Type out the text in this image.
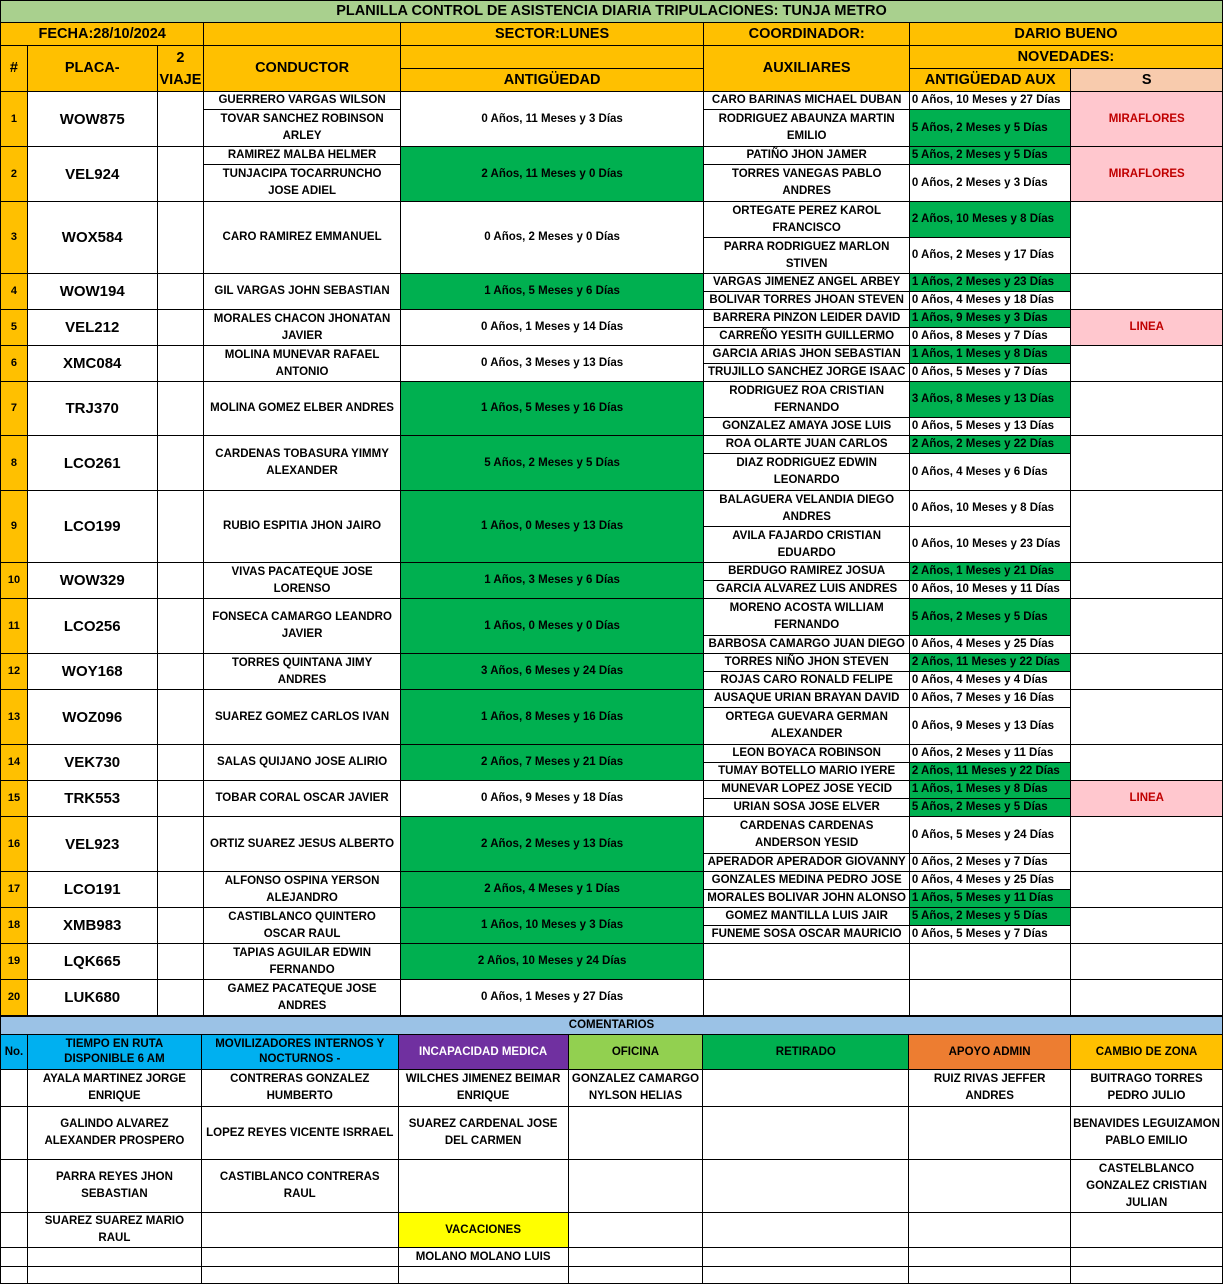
PLANILLA CONTROL DE ASISTENCIA DIARIA TRIPULACIONES: TUNJA METRO							
FECHA:28/10/2024				SECTOR:LUNES	COORDINADOR:	DARIO BUENO	
#	PLACA-	2 VIAJE	CONDUCTOR		AUXILIARES	NOVEDADES:	
				ANTIGÜEDAD		ANTIGÜEDAD AUX	S
1	WOW875		GUERRERO VARGAS WILSON	0 Años, 11 Meses y 3 Días	CARO BARINAS MICHAEL DUBAN	0 Años, 10 Meses y 27 Días	MIRAFLORES
			TOVAR SANCHEZ ROBINSON ARLEY		RODRIGUEZ ABAUNZA MARTIN EMILIO	5 Años, 2 Meses y 5 Días	
2	VEL924		RAMIREZ MALBA HELMER	2 Años, 11 Meses y 0 Días	PATIÑO JHON JAMER	5 Años, 2 Meses y 5 Días	MIRAFLORES
			TUNJACIPA TOCARRUNCHO JOSE ADIEL		TORRES VANEGAS PABLO ANDRES	0 Años, 2 Meses y 3 Días	
3	WOX584		CARO RAMIREZ EMMANUEL	0 Años, 2 Meses y 0 Días	ORTEGATE PEREZ KAROL FRANCISCO	2 Años, 10 Meses y 8 Días	
					PARRA RODRIGUEZ MARLON STIVEN	0 Años, 2 Meses y 17 Días	
4	WOW194		GIL VARGAS JOHN SEBASTIAN	1 Años, 5 Meses y 6 Días	VARGAS JIMENEZ ANGEL ARBEY	1 Años, 2 Meses y 23 Días	
					BOLIVAR TORRES JHOAN STEVEN	0 Años, 4 Meses y 18 Días	
5	VEL212		MORALES CHACON JHONATAN JAVIER	0 Años, 1 Meses y 14 Días	BARRERA PINZON LEIDER DAVID	1 Años, 9 Meses y 3 Días	LINEA
					CARREÑO YESITH GUILLERMO	0 Años, 8 Meses y 7 Días	
6	XMC084		MOLINA MUNEVAR RAFAEL ANTONIO	0 Años, 3 Meses y 13 Días	GARCIA ARIAS JHON SEBASTIAN	1 Años, 1 Meses y 8 Días	
					TRUJILLO SANCHEZ JORGE ISAAC	0 Años, 5 Meses y 7 Días	
7	TRJ370		MOLINA GOMEZ ELBER ANDRES	1 Años, 5 Meses y 16 Días	RODRIGUEZ ROA CRISTIAN FERNANDO	3 Años, 8 Meses y 13 Días	
					GONZALEZ AMAYA JOSE LUIS	0 Años, 5 Meses y 13 Días	
8	LCO261		CARDENAS TOBASURA YIMMY ALEXANDER	5 Años, 2 Meses y 5 Días	ROA OLARTE JUAN CARLOS	2 Años, 2 Meses y 22 Días	
					DIAZ RODRIGUEZ EDWIN LEONARDO	0 Años, 4 Meses y 6 Días	
9	LCO199		RUBIO ESPITIA JHON JAIRO	1 Años, 0 Meses y 13 Días	BALAGUERA VELANDIA DIEGO ANDRES	0 Años, 10 Meses y 8 Días	
					AVILA FAJARDO CRISTIAN EDUARDO	0 Años, 10 Meses y 23 Días	
10	WOW329		VIVAS PACATEQUE JOSE LORENSO	1 Años, 3 Meses y 6 Días	BERDUGO RAMIREZ JOSUA	2 Años, 1 Meses y 21 Días	
					GARCIA ALVAREZ LUIS ANDRES	0 Años, 10 Meses y 11 Días	
11	LCO256		FONSECA CAMARGO LEANDRO JAVIER	1 Años, 0 Meses y 0 Días	MORENO ACOSTA WILLIAM FERNANDO	5 Años, 2 Meses y 5 Días	
					BARBOSA CAMARGO JUAN DIEGO	0 Años, 4 Meses y 25 Días	
12	WOY168		TORRES QUINTANA JIMY ANDRES	3 Años, 6 Meses y 24 Días	TORRES NIÑO JHON STEVEN	2 Años, 11 Meses y 22 Días	
					ROJAS CARO RONALD FELIPE	0 Años, 4 Meses y 4 Días	
13	WOZ096		SUAREZ GOMEZ CARLOS IVAN	1 Años, 8 Meses y 16 Días	AUSAQUE URIAN BRAYAN DAVID	0 Años, 7 Meses y 16 Días	
					ORTEGA GUEVARA GERMAN ALEXANDER	0 Años, 9 Meses y 13 Días	
14	VEK730		SALAS QUIJANO JOSE ALIRIO	2 Años, 7 Meses y 21 Días	LEON BOYACA ROBINSON	0 Años, 2 Meses y 11 Días	
					TUMAY BOTELLO MARIO IYERE	2 Años, 11 Meses y 22 Días	
15	TRK553		TOBAR CORAL OSCAR JAVIER	0 Años, 9 Meses y 18 Días	MUNEVAR LOPEZ JOSE YECID	1 Años, 1 Meses y 8 Días	LINEA
					URIAN SOSA JOSE ELVER	5 Años, 2 Meses y 5 Días	
16	VEL923		ORTIZ SUAREZ JESUS ALBERTO	2 Años, 2 Meses y 13 Días	CARDENAS CARDENAS ANDERSON YESID	0 Años, 5 Meses y 24 Días	
					APERADOR APERADOR GIOVANNY	0 Años, 2 Meses y 7 Días	
17	LCO191		ALFONSO OSPINA YERSON ALEJANDRO	2 Años, 4 Meses y 1 Días	GONZALES MEDINA PEDRO JOSE	0 Años, 4 Meses y 25 Días	
					MORALES BOLIVAR JOHN ALONSO	1 Años, 5 Meses y 11 Días	
18	XMB983		CASTIBLANCO QUINTERO OSCAR RAUL	1 Años, 10 Meses y 3 Días	GOMEZ MANTILLA LUIS JAIR	5 Años, 2 Meses y 5 Días	
					FUNEME SOSA OSCAR MAURICIO	0 Años, 5 Meses y 7 Días	
19	LQK665		TAPIAS AGUILAR EDWIN FERNANDO	2 Años, 10 Meses y 24 Días			

20	LUK680		GAMEZ PACATEQUE JOSE ANDRES	0 Años, 1 Meses y 27 Días			

COMENTARIOS							
No.	TIEMPO EN RUTA DISPONIBLE 6 AM	MOVILIZADORES INTERNOS Y NOCTURNOS -	INCAPACIDAD MEDICA	OFICINA	RETIRADO	APOYO ADMIN	CAMBIO DE ZONA
	AYALA MARTINEZ JORGE ENRIQUE	CONTRERAS GONZALEZ HUMBERTO	WILCHES JIMENEZ BEIMAR ENRIQUE	GONZALEZ CAMARGO NYLSON HELIAS		RUIZ RIVAS JEFFER ANDRES	BUITRAGO TORRES PEDRO JULIO
	GALINDO ALVAREZ ALEXANDER PROSPERO	LOPEZ REYES VICENTE ISRRAEL	SUAREZ CARDENAL JOSE DEL CARMEN				BENAVIDES LEGUIZAMON PABLO EMILIO
	PARRA REYES JHON SEBASTIAN	CASTIBLANCO CONTRERAS RAUL					CASTELBLANCO GONZALEZ CRISTIAN JULIAN
	SUAREZ SUAREZ MARIO RAUL		VACACIONES				
			MOLANO MOLANO LUIS				
